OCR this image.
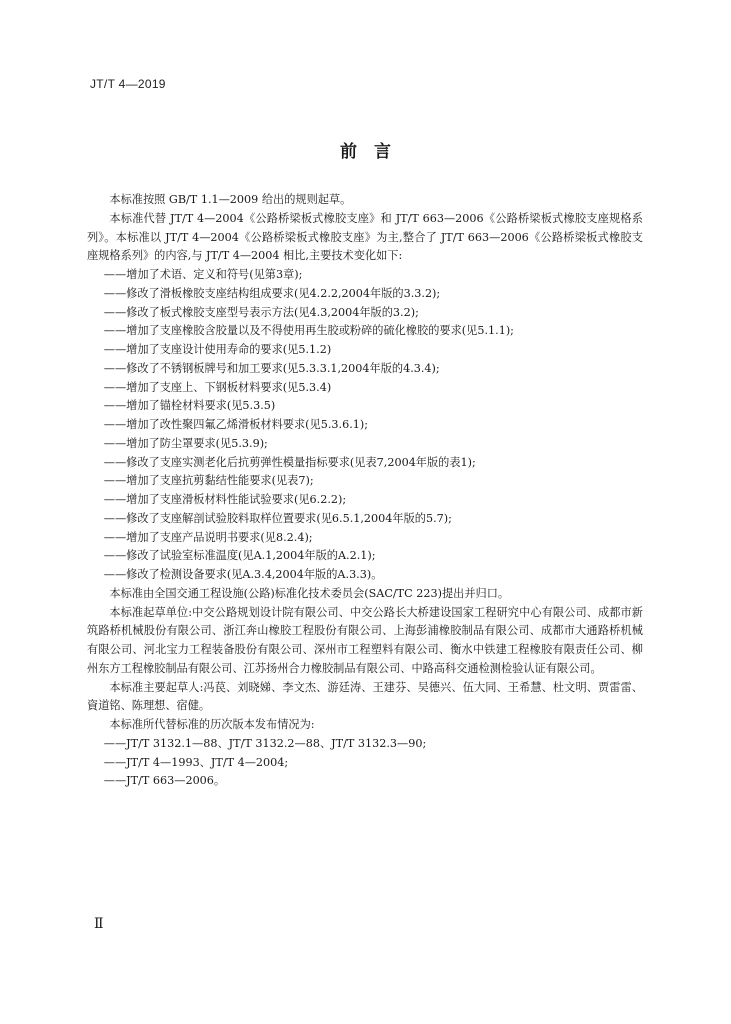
JT/T 4—2019
前　言

本标准按照 GB/T 1.1—2009 给出的规则起草。

本标准代替 JT/T 4—2004《公路桥梁板式橡胶支座》和 JT/T 663—2006《公路桥梁板式橡胶支座规格系列》。本标准以 JT/T 4—2004《公路桥梁板式橡胶支座》为主,整合了 JT/T 663—2006《公路桥梁板式橡胶支座规格系列》的内容,与 JT/T 4—2004 相比,主要技术变化如下:

——增加了术语、定义和符号(见第3章);

——修改了滑板橡胶支座结构组成要求(见4.2.2,2004年版的3.3.2);

——修改了板式橡胶支座型号表示方法(见4.3,2004年版的3.2);

——增加了支座橡胶含胶量以及不得使用再生胶或粉碎的硫化橡胶的要求(见5.1.1);

——增加了支座设计使用寿命的要求(见5.1.2)

——修改了不锈钢板牌号和加工要求(见5.3.3.1,2004年版的4.3.4);

——增加了支座上、下钢板材料要求(见5.3.4)

——增加了锚栓材料要求(见5.3.5)

——增加了改性聚四氟乙烯滑板材料要求(见5.3.6.1);

——增加了防尘罩要求(见5.3.9);

——修改了支座实测老化后抗剪弹性模量指标要求(见表7,2004年版的表1);

——增加了支座抗剪黏结性能要求(见表7);

——增加了支座滑板材料性能试验要求(见6.2.2);

——修改了支座解剖试验胶料取样位置要求(见6.5.1,2004年版的5.7);

——增加了支座产品说明书要求(见8.2.4);

——修改了试验室标准温度(见A.1,2004年版的A.2.1);

——修改了检测设备要求(见A.3.4,2004年版的A.3.3)。

本标准由全国交通工程设施(公路)标准化技术委员会(SAC/TC 223)提出并归口。

本标准起草单位:中交公路规划设计院有限公司、中交公路长大桥建设国家工程研究中心有限公司、成都市新筑路桥机械股份有限公司、浙江奔山橡胶工程股份有限公司、上海彭浦橡胶制品有限公司、成都市大通路桥机械有限公司、河北宝力工程装备股份有限公司、深州市工程塑料有限公司、衡水中铁建工程橡胶有限责任公司、柳州东方工程橡胶制品有限公司、江苏扬州合力橡胶制品有限公司、中路高科交通检测检验认证有限公司。

本标准主要起草人:冯苠、刘晓娣、李文杰、游廷涛、王建芬、吴德兴、伍大同、王希慧、杜文明、贾雷雷、資道铭、陈理想、宿健。

本标准所代替标准的历次版本发布情况为:

——JT/T 3132.1—88、JT/T 3132.2—88、JT/T 3132.3—90;

——JT/T 4—1993、JT/T 4—2004;

——JT/T 663—2006。

Ⅱ
